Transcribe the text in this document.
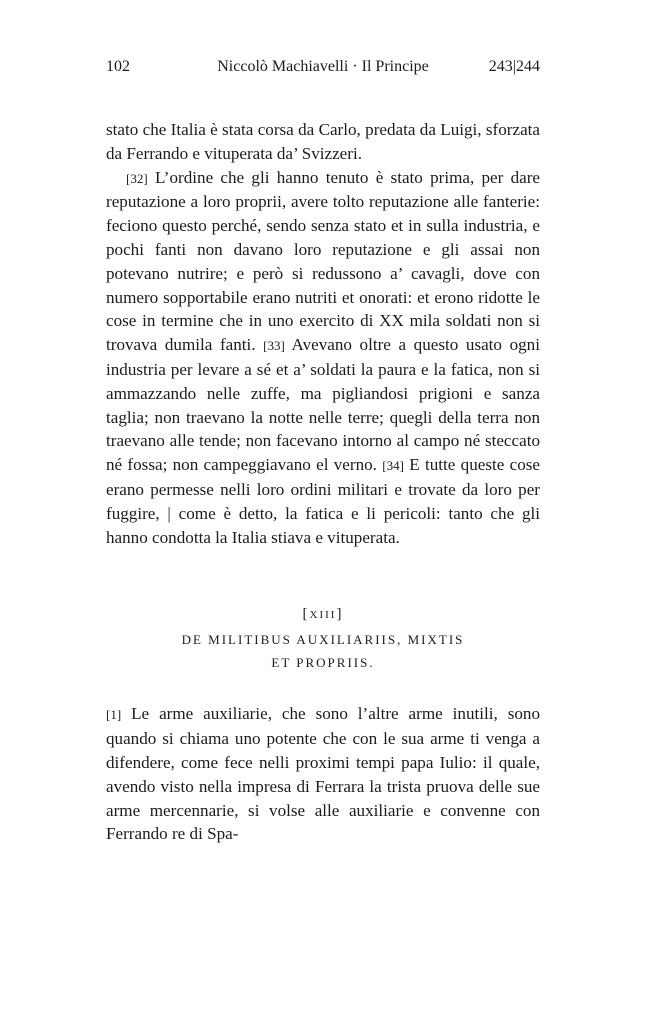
102	Niccolò Machiavelli · Il Principe	243|244

stato che Italia è stata corsa da Carlo, predata da Luigi, sforzata da Ferrando e vituperata da’ Svizzeri.

[32] L’ordine che gli hanno tenuto è stato prima, per dare reputazione a loro proprii, avere tolto reputazione alle fanterie: feciono questo perché, sendo senza stato et in sulla industria, e pochi fanti non davano loro reputazione e gli assai non potevano nutrire; e però si redussono a’ cavagli, dove con numero sopportabile erano nutriti et onorati: et erono ridotte le cose in termine che in uno exercito di XX mila soldati non si trovava dumila fanti. [33] Avevano oltre a questo usato ogni industria per levare a sé et a’ soldati la paura e la fatica, non si ammazzando nelle zuffe, ma pigliandosi prigioni e sanza taglia; non traevano la notte nelle terre; quegli della terra non traevano alle tende; non facevano intorno al campo né steccato né fossa; non campeggiavano el verno. [34] E tutte queste cose erano permesse nelli loro ordini militari e trovate da loro per fuggire, | come è detto, la fatica e li pericoli: tanto che gli hanno condotta la Italia stiava e vituperata.

[xiii]
DE MILITIBUS AUXILIARIIS, MIXTIS
ET PROPRIIS.

[1] Le arme auxiliarie, che sono l’altre arme inutili, sono quando si chiama uno potente che con le sua arme ti venga a difendere, come fece nelli proximi tempi papa Iulio: il quale, avendo visto nella impresa di Ferrara la trista pruova delle sue arme mercennarie, si volse alle auxiliarie e convenne con Ferrando re di Spa-
